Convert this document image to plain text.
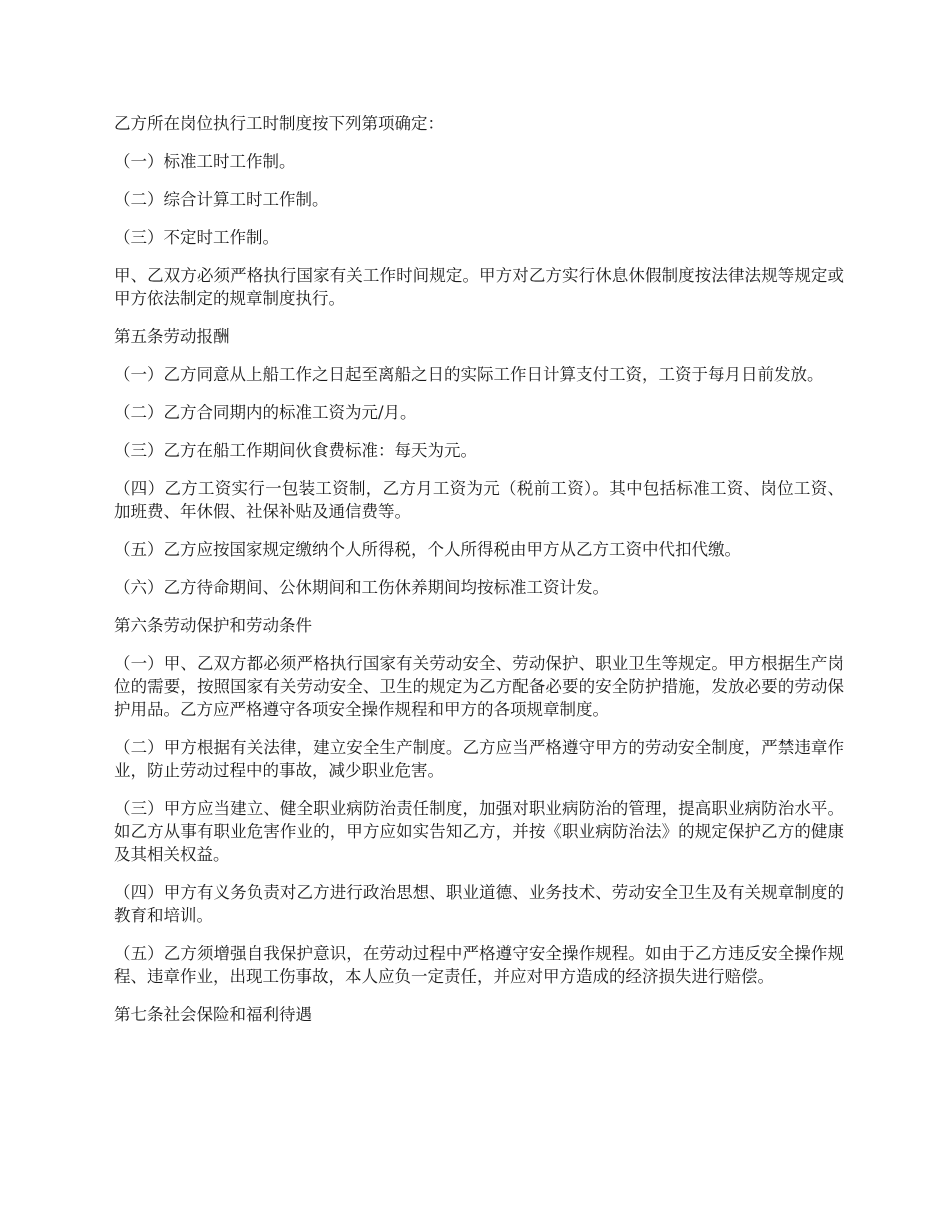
乙方所在岗位执行工时制度按下列第项确定：

（一）标准工时工作制。

（二）综合计算工时工作制。

（三）不定时工作制。

甲、乙双方必须严格执行国家有关工作时间规定。甲方对乙方实行休息休假制度按法律法规等规定或甲方依法制定的规章制度执行。

第五条劳动报酬

（一）乙方同意从上船工作之日起至离船之日的实际工作日计算支付工资，工资于每月日前发放。

（二）乙方合同期内的标准工资为元/月。

（三）乙方在船工作期间伙食费标准：每天为元。

（四）乙方工资实行一包装工资制，乙方月工资为元（税前工资）。其中包括标准工资、岗位工资、加班费、年休假、社保补贴及通信费等。

（五）乙方应按国家规定缴纳个人所得税，个人所得税由甲方从乙方工资中代扣代缴。

（六）乙方待命期间、公休期间和工伤休养期间均按标准工资计发。

第六条劳动保护和劳动条件

（一）甲、乙双方都必须严格执行国家有关劳动安全、劳动保护、职业卫生等规定。甲方根据生产岗位的需要，按照国家有关劳动安全、卫生的规定为乙方配备必要的安全防护措施，发放必要的劳动保护用品。乙方应严格遵守各项安全操作规程和甲方的各项规章制度。

（二）甲方根据有关法律，建立安全生产制度。乙方应当严格遵守甲方的劳动安全制度，严禁违章作业，防止劳动过程中的事故，减少职业危害。

（三）甲方应当建立、健全职业病防治责任制度，加强对职业病防治的管理，提高职业病防治水平。如乙方从事有职业危害作业的，甲方应如实告知乙方，并按《职业病防治法》的规定保护乙方的健康及其相关权益。

（四）甲方有义务负责对乙方进行政治思想、职业道德、业务技术、劳动安全卫生及有关规章制度的教育和培训。

（五）乙方须增强自我保护意识，在劳动过程中严格遵守安全操作规程。如由于乙方违反安全操作规程、违章作业，出现工伤事故，本人应负一定责任，并应对甲方造成的经济损失进行赔偿。

第七条社会保险和福利待遇
